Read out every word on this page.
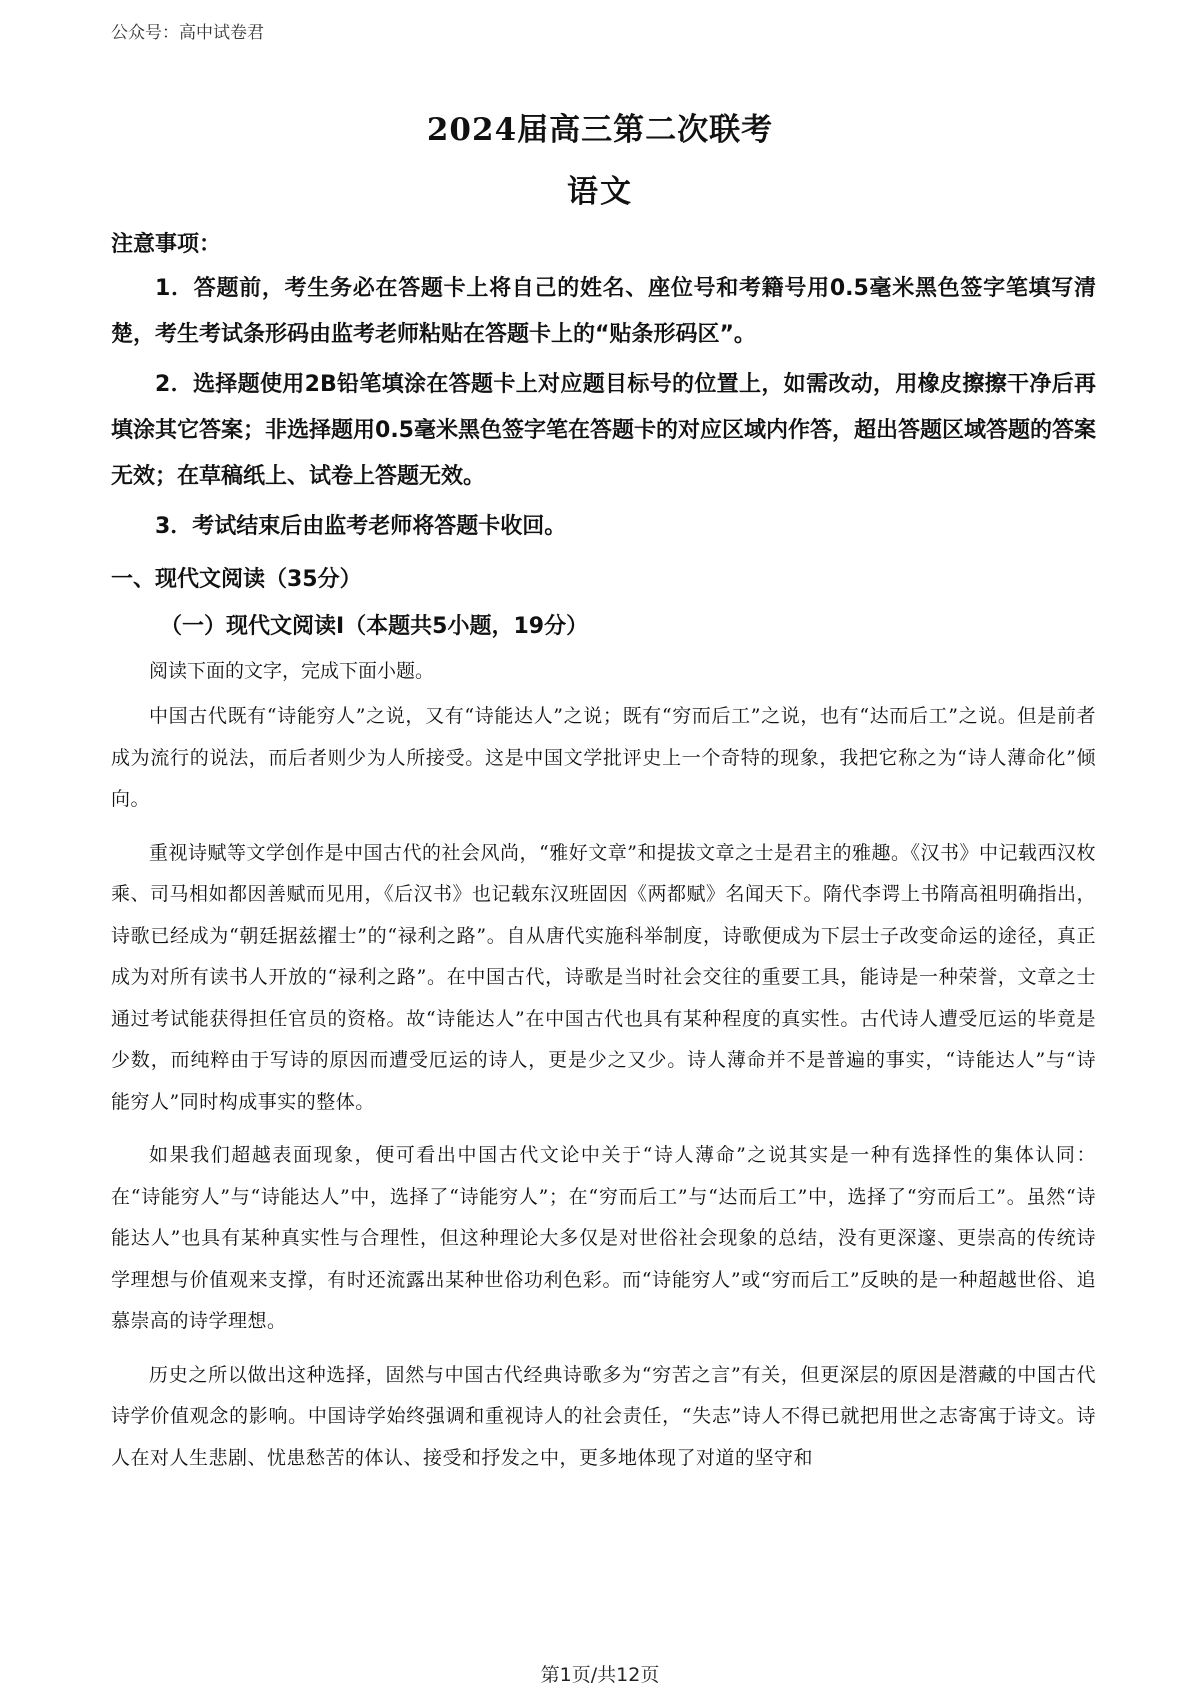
公众号：高中试卷君
2024届高三第二次联考
语文
注意事项：

1．答题前，考生务必在答题卡上将自己的姓名、座位号和考籍号用0.5毫米黑色签字笔填写清楚，考生考试条形码由监考老师粘贴在答题卡上的“贴条形码区”。

2．选择题使用2B铅笔填涂在答题卡上对应题目标号的位置上，如需改动，用橡皮擦擦干净后再填涂其它答案；非选择题用0.5毫米黑色签字笔在答题卡的对应区域内作答，超出答题区域答题的答案无效；在草稿纸上、试卷上答题无效。

3．考试结束后由监考老师将答题卡收回。

一、现代文阅读（35分）
（一）现代文阅读Ⅰ（本题共5小题，19分）

阅读下面的文字，完成下面小题。

中国古代既有“诗能穷人”之说，又有“诗能达人”之说；既有“穷而后工”之说，也有“达而后工”之说。但是前者成为流行的说法，而后者则少为人所接受。这是中国文学批评史上一个奇特的现象，我把它称之为“诗人薄命化”倾向。

重视诗赋等文学创作是中国古代的社会风尚，“雅好文章”和提拔文章之士是君主的雅趣。《汉书》中记载西汉枚乘、司马相如都因善赋而见用，《后汉书》也记载东汉班固因《两都赋》名闻天下。隋代李谔上书隋高祖明确指出，诗歌已经成为“朝廷据兹擢士”的“禄利之路”。自从唐代实施科举制度，诗歌便成为下层士子改变命运的途径，真正成为对所有读书人开放的“禄利之路”。在中国古代，诗歌是当时社会交往的重要工具，能诗是一种荣誉，文章之士通过考试能获得担任官员的资格。故“诗能达人”在中国古代也具有某种程度的真实性。古代诗人遭受厄运的毕竟是少数，而纯粹由于写诗的原因而遭受厄运的诗人，更是少之又少。诗人薄命并不是普遍的事实，“诗能达人”与“诗能穷人”同时构成事实的整体。

如果我们超越表面现象，便可看出中国古代文论中关于“诗人薄命”之说其实是一种有选择性的集体认同：在“诗能穷人”与“诗能达人”中，选择了“诗能穷人”；在“穷而后工”与“达而后工”中，选择了“穷而后工”。虽然“诗能达人”也具有某种真实性与合理性，但这种理论大多仅是对世俗社会现象的总结，没有更深邃、更崇高的传统诗学理想与价值观来支撑，有时还流露出某种世俗功利色彩。而“诗能穷人”或“穷而后工”反映的是一种超越世俗、追慕崇高的诗学理想。

历史之所以做出这种选择，固然与中国古代经典诗歌多为“穷苦之言”有关，但更深层的原因是潜藏的中国古代诗学价值观念的影响。中国诗学始终强调和重视诗人的社会责任，“失志”诗人不得已就把用世之志寄寓于诗文。诗人在对人生悲剧、忧患愁苦的体认、接受和抒发之中，更多地体现了对道的坚守和

第1页/共12页
